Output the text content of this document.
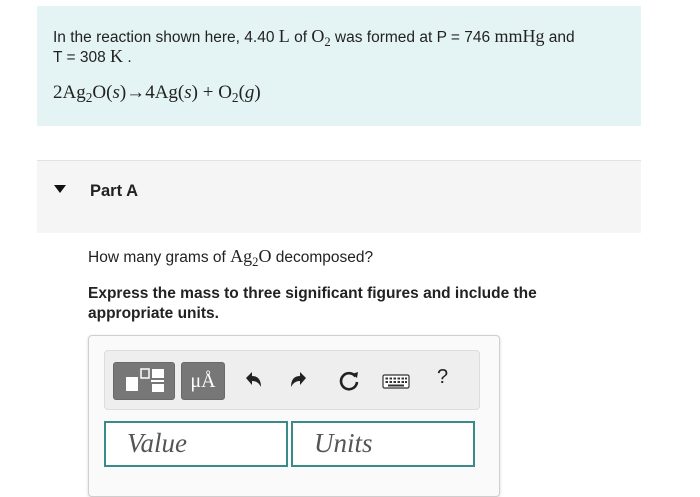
In the reaction shown here, 4.40 L of $O_2$ was formed at P = 746 mmHg and
T = 308 K .
$2Ag_2O(s)\to 4Ag(s) + O_2(g)$
Part A
How many grams of $Ag_2O$ decomposed?
Express the mass to three significant figures and include the appropriate units.
μÅ	?
Value	Units
